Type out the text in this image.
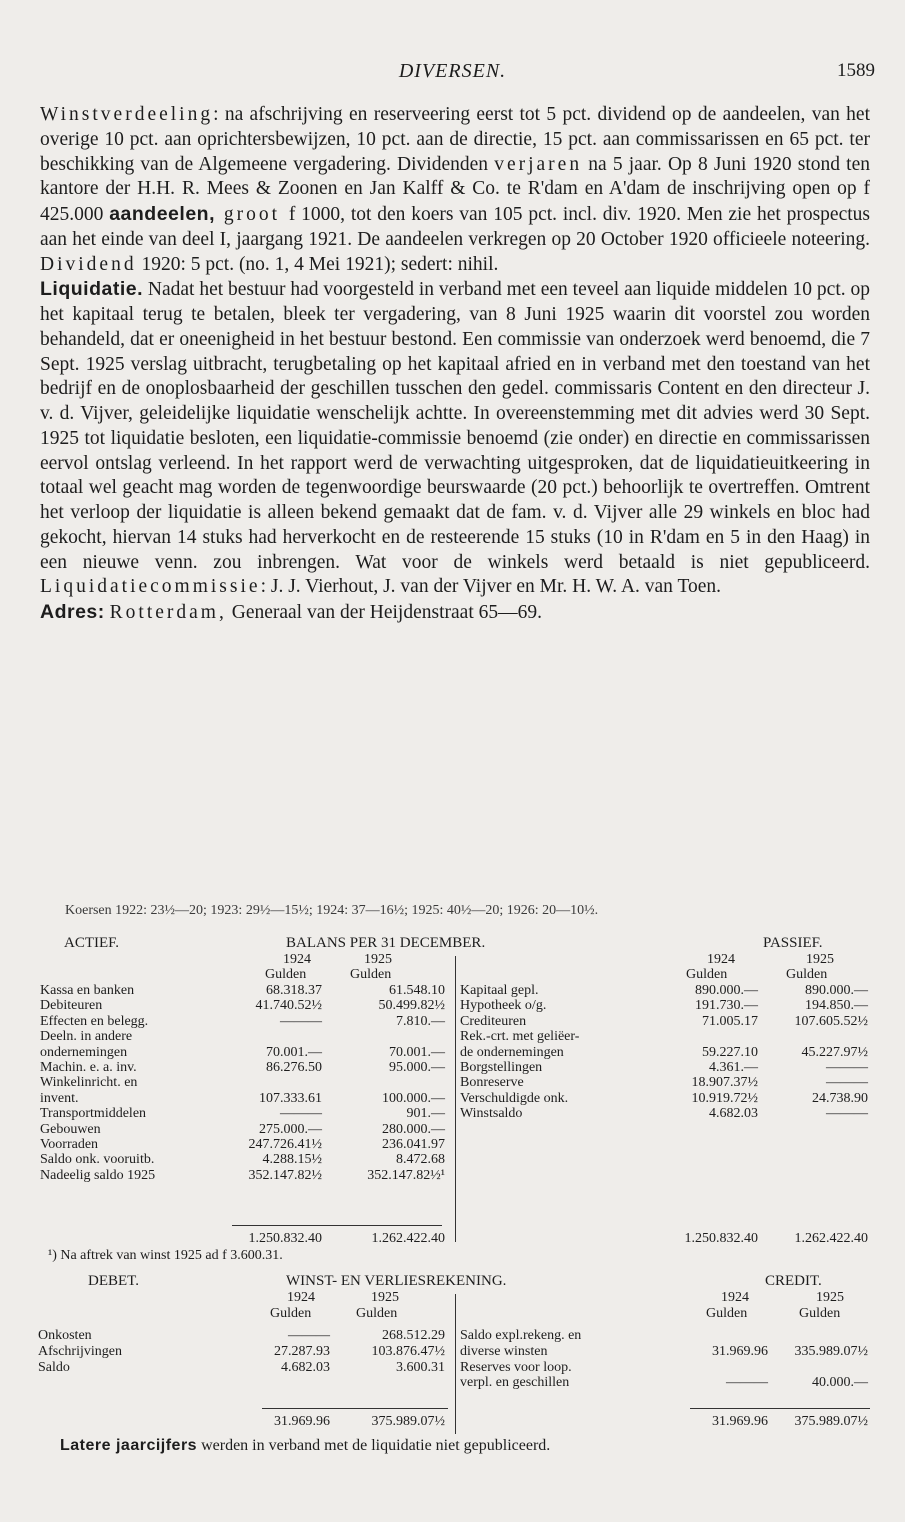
DIVERSEN.	1589

Winstverdeeling: na afschrijving en reserveering eerst tot 5 pct. dividend op de aandeelen, van het overige 10 pct. aan oprichtersbewijzen, 10 pct. aan de directie, 15 pct. aan commissarissen en 65 pct. ter beschikking van de Algemeene vergadering. Dividenden verjaren na 5 jaar. Op 8 Juni 1920 stond ten kantore der H.H. R. Mees & Zoonen en Jan Kalff & Co. te R'dam en A'dam de inschrijving open op f 425.000 aandeelen, groot f 1000, tot den koers van 105 pct. incl. div. 1920. Men zie het prospectus aan het einde van deel I, jaargang 1921. De aandeelen verkregen op 20 October 1920 officieele noteering. Dividend 1920: 5 pct. (no. 1, 4 Mei 1921); sedert: nihil.

Liquidatie. Nadat het bestuur had voorgesteld in verband met een teveel aan liquide middelen 10 pct. op het kapitaal terug te betalen, bleek ter vergadering, van 8 Juni 1925 waarin dit voorstel zou worden behandeld, dat er oneenigheid in het bestuur bestond. Een commissie van onderzoek werd benoemd, die 7 Sept. 1925 verslag uitbracht, terugbetaling op het kapitaal afried en in verband met den toestand van het bedrijf en de onoplosbaarheid der geschillen tusschen den gedel. commissaris Content en den directeur J. v. d. Vijver, geleidelijke liquidatie wenschelijk achtte. In overeenstemming met dit advies werd 30 Sept. 1925 tot liquidatie besloten, een liquidatie-commissie benoemd (zie onder) en directie en commissarissen eervol ontslag verleend. In het rapport werd de verwachting uitgesproken, dat de liquidatieuitkeering in totaal wel geacht mag worden de tegenwoordige beurswaarde (20 pct.) behoorlijk te overtreffen. Omtrent het verloop der liquidatie is alleen bekend gemaakt dat de fam. v. d. Vijver alle 29 winkels en bloc had gekocht, hiervan 14 stuks had herverkocht en de resteerende 15 stuks (10 in R'dam en 5 in den Haag) in een nieuwe venn. zou inbrengen. Wat voor de winkels werd betaald is niet gepubliceerd. Liquidatiecommissie: J. J. Vierhout, J. van der Vijver en Mr. H. W. A. van Toen.

Adres: Rotterdam, Generaal van der Heijdenstraat 65—69.

Koersen 1922: 23½—20; 1923: 29½—15½; 1924: 37—16½; 1925: 40½—20; 1926: 20—10½.
ACTIEF.	BALANS PER 31 DECEMBER.	PASSIEF.
1924	1925	1924	1925
Gulden	Gulden	Gulden	Gulden
Kassa en banken	68.318.37	61.548.10
Debiteuren	41.740.52½	50.499.82½
Effecten en belegg.	———	7.810.—
Deeln. in andere
ondernemingen	70.001.—	70.001.—
Machin. e. a. inv.	86.276.50	95.000.—
Winkelinricht. en
invent.	107.333.61	100.000.—
Transportmiddelen	———	901.—
Gebouwen	275.000.—	280.000.—
Voorraden	247.726.41½	236.041.97
Saldo onk. vooruitb.	4.288.15½	8.472.68
Nadeelig saldo 1925	352.147.82½	352.147.82½¹
Kapitaal gepl.	890.000.—	890.000.—
Hypotheek o/g.	191.730.—	194.850.—
Crediteuren	71.005.17	107.605.52½
Rek.-crt. met geliëer-
de ondernemingen	59.227.10	45.227.97½
Borgstellingen	4.361.—	———
Bonreserve	18.907.37½	———
Verschuldigde onk.	10.919.72½	24.738.90
Winstsaldo	4.682.03	———
1.250.832.40	1.262.422.40	1.250.832.40	1.262.422.40
¹) Na aftrek van winst 1925 ad f 3.600.31.
DEBET.	WINST- EN VERLIESREKENING.	CREDIT.
1924	1925	1924	1925
Gulden	Gulden	Gulden	Gulden
Onkosten	———	268.512.29
Afschrijvingen	27.287.93	103.876.47½
Saldo	4.682.03	3.600.31
Saldo expl.rekeng. en
diverse winsten	31.969.96	335.989.07½
Reserves voor loop.
verpl. en geschillen	———	40.000.—
31.969.96	375.989.07½	31.969.96	375.989.07½
Latere jaarcijfers werden in verband met de liquidatie niet gepubliceerd.
